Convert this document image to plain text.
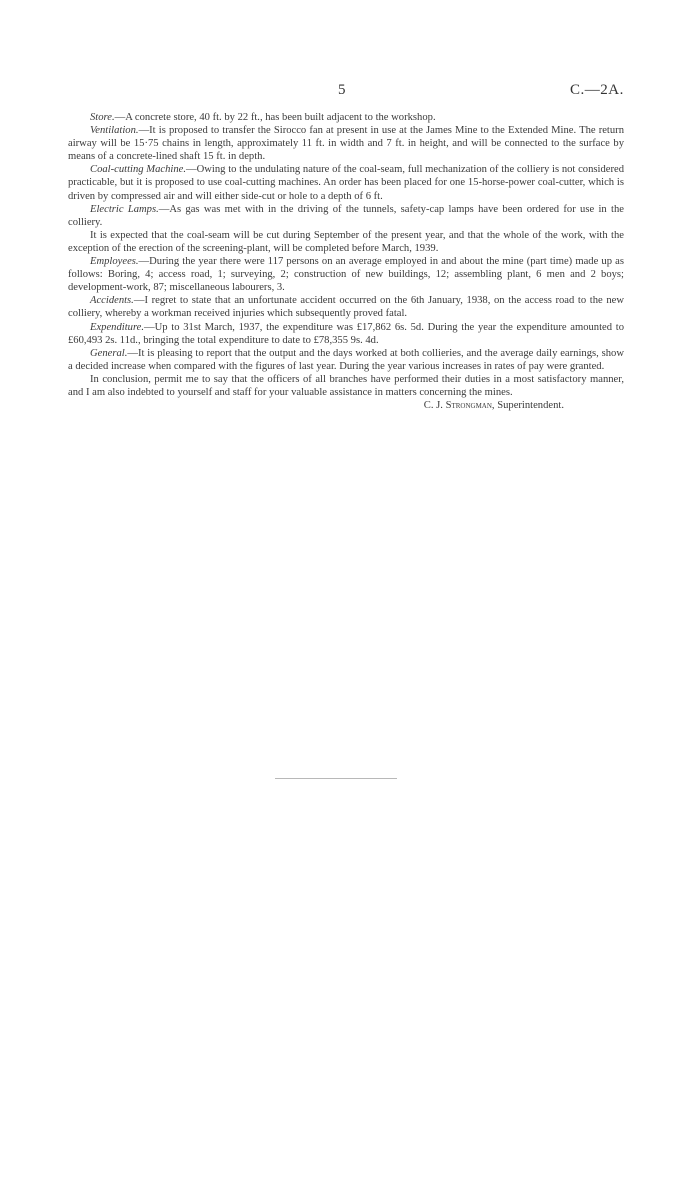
5	C.—2A.

Store.—A concrete store, 40 ft. by 22 ft., has been built adjacent to the workshop.

Ventilation.—It is proposed to transfer the Sirocco fan at present in use at the James Mine to the Extended Mine. The return airway will be 15·75 chains in length, approximately 11 ft. in width and 7 ft. in height, and will be connected to the surface by means of a concrete-lined shaft 15 ft. in depth.

Coal-cutting Machine.—Owing to the undulating nature of the coal-seam, full mechanization of the colliery is not considered practicable, but it is proposed to use coal-cutting machines. An order has been placed for one 15-horse-power coal-cutter, which is driven by compressed air and will either side-cut or hole to a depth of 6 ft.

Electric Lamps.—As gas was met with in the driving of the tunnels, safety-cap lamps have been ordered for use in the colliery.

It is expected that the coal-seam will be cut during September of the present year, and that the whole of the work, with the exception of the erection of the screening-plant, will be completed before March, 1939.

Employees.—During the year there were 117 persons on an average employed in and about the mine (part time) made up as follows: Boring, 4; access road, 1; surveying, 2; construction of new buildings, 12; assembling plant, 6 men and 2 boys; development-work, 87; miscellaneous labourers, 3.

Accidents.—I regret to state that an unfortunate accident occurred on the 6th January, 1938, on the access road to the new colliery, whereby a workman received injuries which subsequently proved fatal.

Expenditure.—Up to 31st March, 1937, the expenditure was £17,862 6s. 5d. During the year the expenditure amounted to £60,493 2s. 11d., bringing the total expenditure to date to £78,355 9s. 4d.

General.—It is pleasing to report that the output and the days worked at both collieries, and the average daily earnings, show a decided increase when compared with the figures of last year. During the year various increases in rates of pay were granted.

In conclusion, permit me to say that the officers of all branches have performed their duties in a most satisfactory manner, and I am also indebted to yourself and staff for your valuable assistance in matters concerning the mines.

C. J. Strongman, Superintendent.
